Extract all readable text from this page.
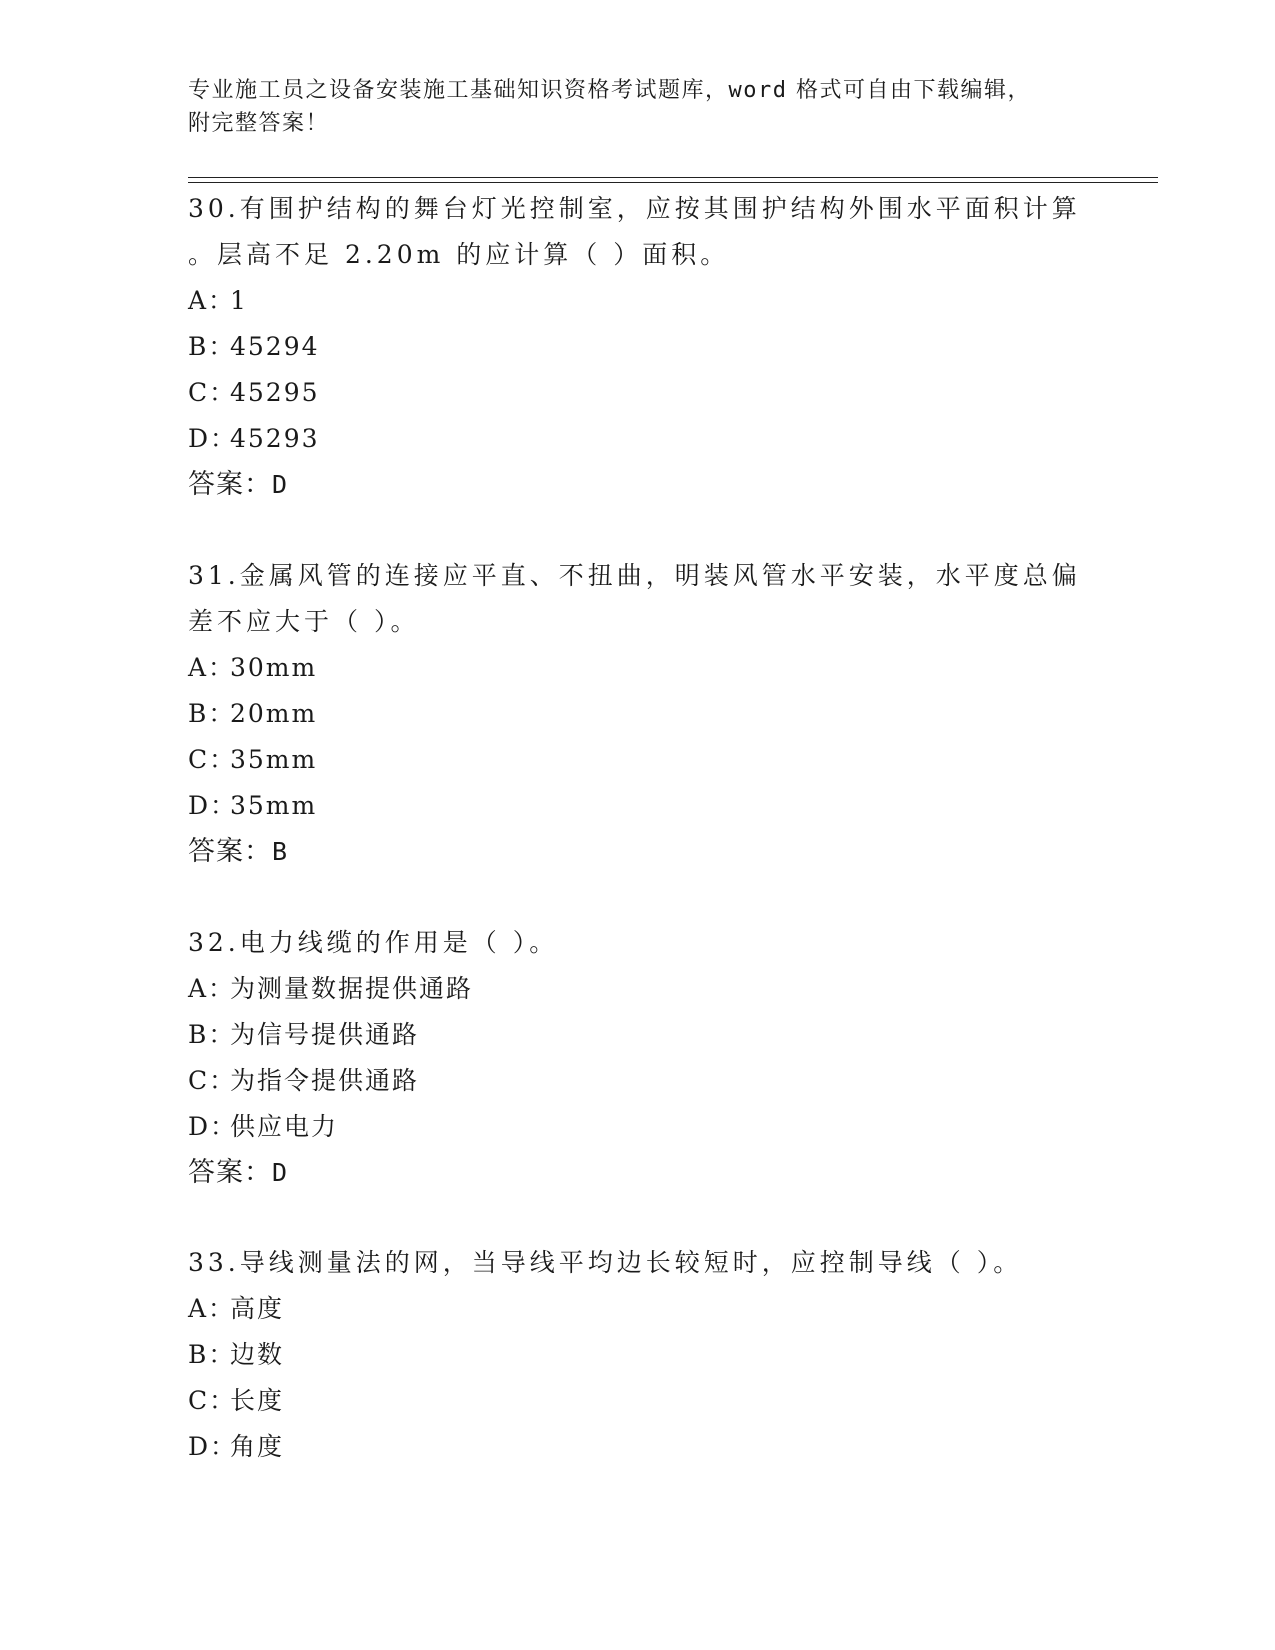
专业施工员之设备安装施工基础知识资格考试题库，word 格式可自由下载编辑，
附完整答案！

30.有围护结构的舞台灯光控制室，应按其围护结构外围水平面积计算

。层高不足 2.20m 的应计算（ ）面积。

A：1
B：45294
C：45295
D：45293
答案：D

31.金属风管的连接应平直、不扭曲，明装风管水平安装，水平度总偏

差不应大于（ ）。

A：30mm
B：20mm
C：35mm
D：35mm
答案：B

32.电力线缆的作用是（ ）。

A：为测量数据提供通路
B：为信号提供通路
C：为指令提供通路
D：供应电力
答案：D

33.导线测量法的网，当导线平均边长较短时，应控制导线（ ）。

A：高度
B：边数
C：长度
D：角度
